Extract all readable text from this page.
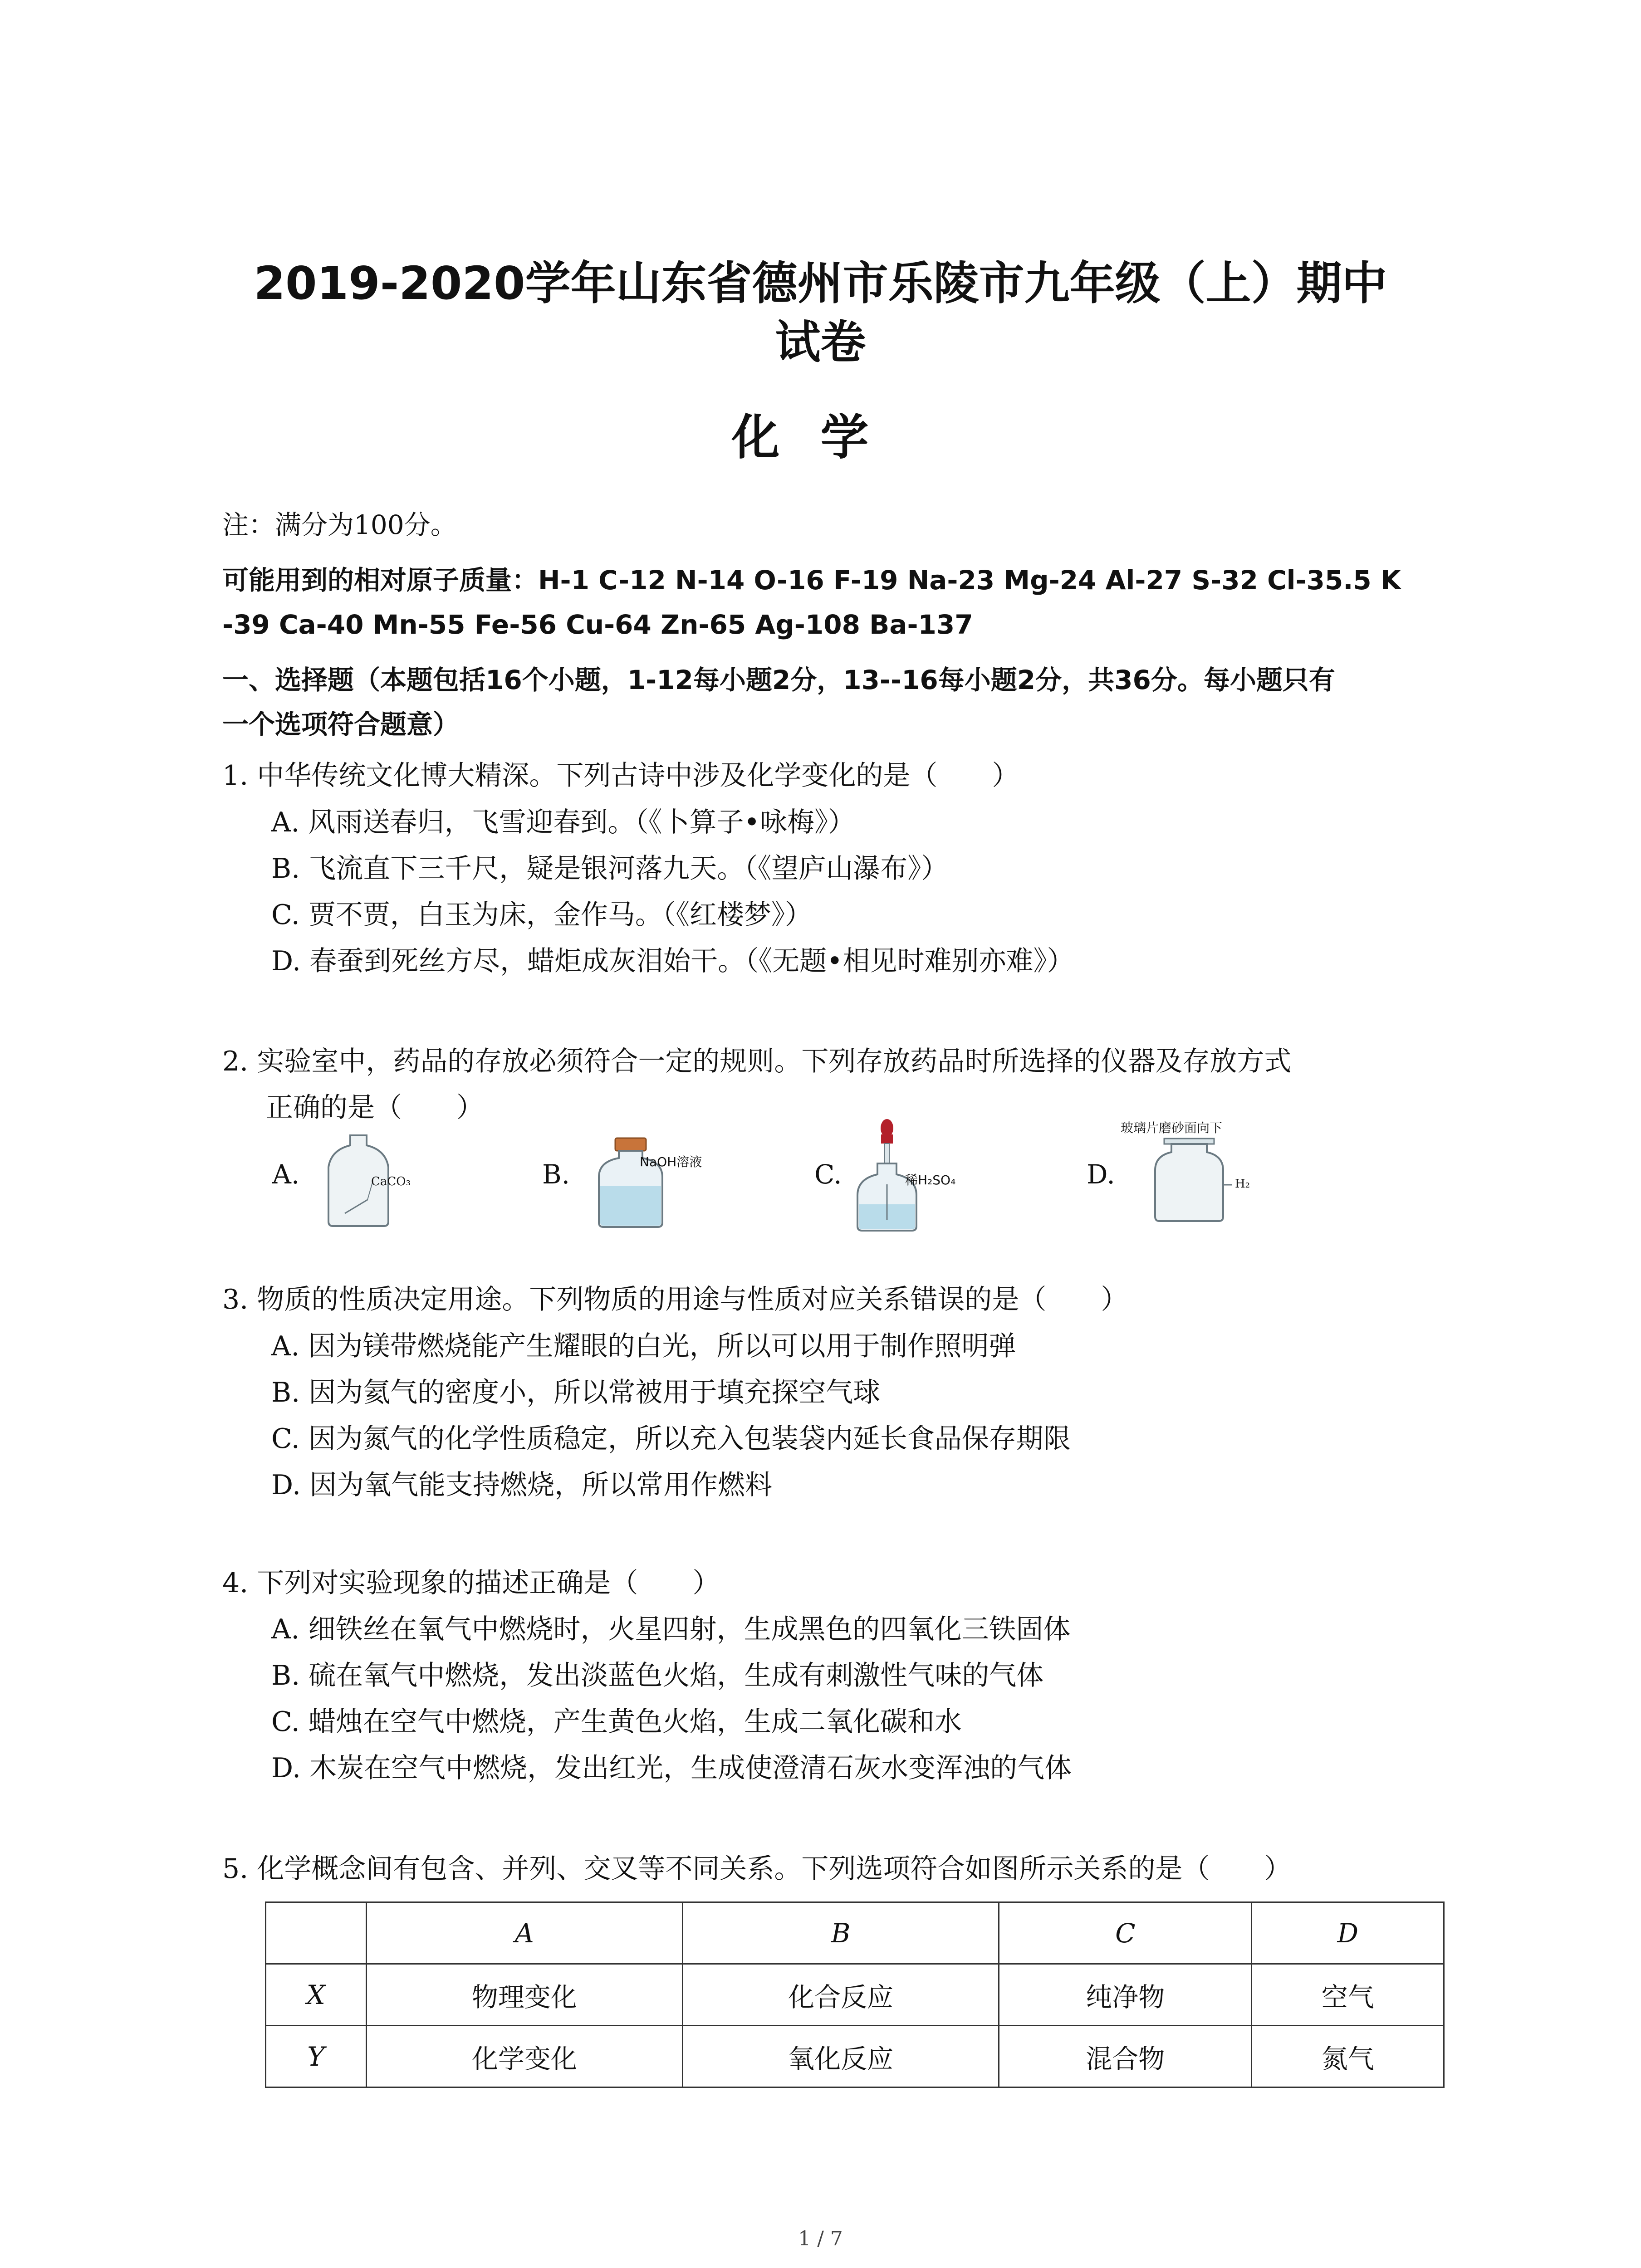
2019-2020学年山东省德州市乐陵市九年级（上）期中
试卷
化学
注：满分为100分。
可能用到的相对原子质量：H-1 C-12 N-14 O-16 F-19 Na-23 Mg-24 Al-27 S-32 Cl-35.5 K
-39 Ca-40 Mn-55 Fe-56 Cu-64 Zn-65 Ag-108 Ba-137
一、选择题（本题包括16个小题，1-12每小题2分，13--16每小题2分，共36分。每小题只有
一个选项符合题意）
1. 中华传统文化博大精深。下列古诗中涉及化学变化的是（　　）
A. 风雨送春归，飞雪迎春到。（《卜算子•咏梅》）
B. 飞流直下三千尺，疑是银河落九天。（《望庐山瀑布》）
C. 贾不贾，白玉为床，金作马。（《红楼梦》）
D. 春蚕到死丝方尽，蜡炬成灰泪始干。（《无题•相见时难别亦难》）
2. 实验室中，药品的存放必须符合一定的规则。下列存放药品时所选择的仪器及存放方式
正确的是（　　）
A.	B.	C.	D.
CaCO₃
NaOH溶液
稀H₂SO₄
玻璃片磨砂面向下
H₂
3. 物质的性质决定用途。下列物质的用途与性质对应关系错误的是（　　）
A. 因为镁带燃烧能产生耀眼的白光，所以可以用于制作照明弹
B. 因为氦气的密度小，所以常被用于填充探空气球
C. 因为氮气的化学性质稳定，所以充入包装袋内延长食品保存期限
D. 因为氧气能支持燃烧，所以常用作燃料
4. 下列对实验现象的描述正确是（　　）
A. 细铁丝在氧气中燃烧时，火星四射，生成黑色的四氧化三铁固体
B. 硫在氧气中燃烧，发出淡蓝色火焰，生成有刺激性气味的气体
C. 蜡烛在空气中燃烧，产生黄色火焰，生成二氧化碳和水
D. 木炭在空气中燃烧，发出红光，生成使澄清石灰水变浑浊的气体
5. 化学概念间有包含、并列、交叉等不同关系。下列选项符合如图所示关系的是（　　）
	A	B	C	D
X	物理变化	化合反应	纯净物	空气
Y	化学变化	氧化反应	混合物	氮气
1 / 7
